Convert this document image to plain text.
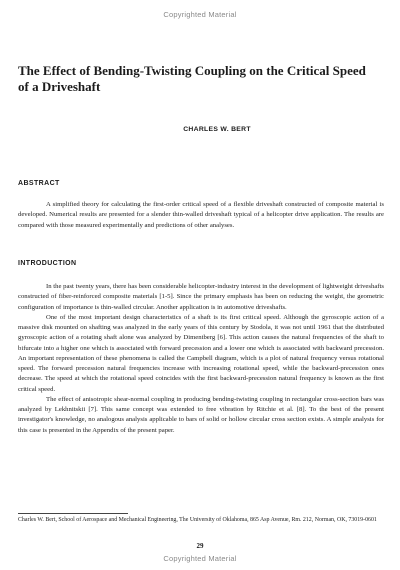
Copyrighted Material
The Effect of Bending-Twisting Coupling on the Critical Speed of a Driveshaft
CHARLES W. BERT
ABSTRACT

A simplified theory for calculating the first-order critical speed of a flexible driveshaft constructed of composite material is developed. Numerical results are presented for a slender thin-walled driveshaft typical of a helicopter drive application. The results are compared with those measured experimentally and predictions of other analyses.

INTRODUCTION

In the past twenty years, there has been considerable helicopter-industry interest in the development of lightweight driveshafts constructed of fiber-reinforced composite materials [1-5]. Since the primary emphasis has been on reducing the weight, the geometric configuration of importance is thin-walled circular. Another application is in automotive driveshafts.

One of the most important design characteristics of a shaft is its first critical speed. Although the gyroscopic action of a massive disk mounted on shafting was analyzed in the early years of this century by Stodola, it was not until 1961 that the distributed gyroscopic action of a rotating shaft alone was analyzed by Dimentberg [6]. This action causes the natural frequencies of the shaft to bifurcate into a higher one which is associated with forward precession and a lower one which is associated with backward precession. An important representation of these phenomena is called the Campbell diagram, which is a plot of natural frequency versus rotational speed. The forward precession natural frequencies increase with increasing rotational speed, while the backward-precession ones decrease. The speed at which the rotational speed coincides with the first backward-precession natural frequency is known as the first critical speed.

The effect of anisotropic shear-normal coupling in producing bending-twisting coupling in rectangular cross-section bars was analyzed by Lekhnitskii [7]. This same concept was extended to free vibration by Ritchie et al. [8]. To the best of the present investigator's knowledge, no analogous analysis applicable to bars of solid or hollow circular cross section exists. A simple analysis for this case is presented in the Appendix of the present paper.

Charles W. Bert, School of Aerospace and Mechanical Engineering, The University of Oklahoma, 865 Asp Avenue, Rm. 212, Norman, OK, 73019-0601
29
Copyrighted Material
